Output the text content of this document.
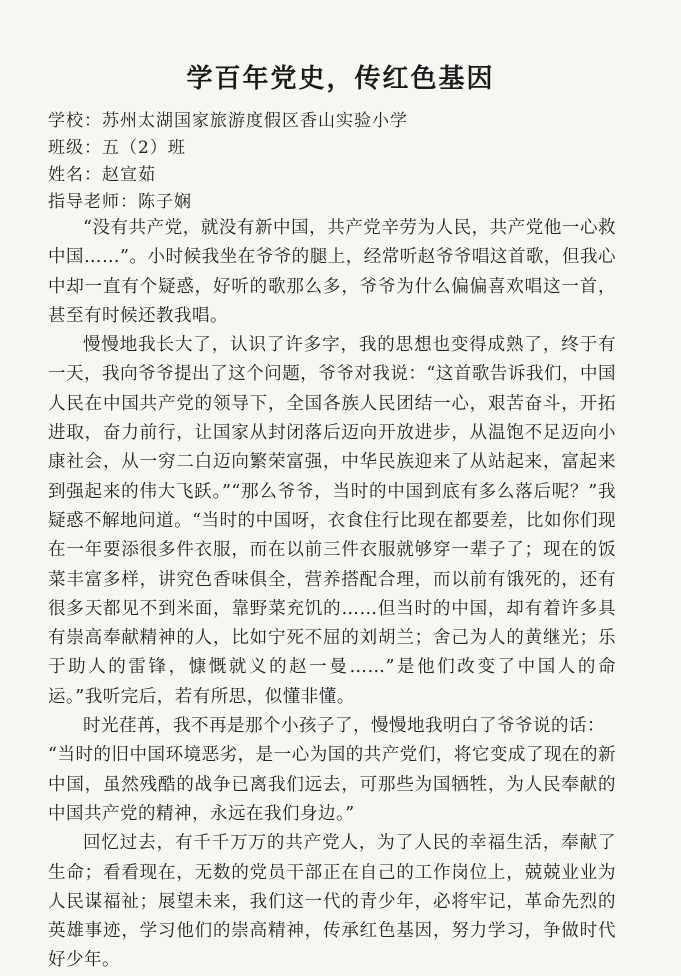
学百年党史，传红色基因
学校：苏州太湖国家旅游度假区香山实验小学
班级：五（2）班
姓名：赵宣茹
指导老师：陈子娴

“没有共产党，就没有新中国，共产党辛劳为人民，共产党他一心救中国……”。小时候我坐在爷爷的腿上，经常听赵爷爷唱这首歌，但我心中却一直有个疑惑，好听的歌那么多，爷爷为什么偏偏喜欢唱这一首，甚至有时候还教我唱。

慢慢地我长大了，认识了许多字，我的思想也变得成熟了，终于有一天，我向爷爷提出了这个问题，爷爷对我说：“这首歌告诉我们，中国人民在中国共产党的领导下，全国各族人民团结一心，艰苦奋斗，开拓进取，奋力前行，让国家从封闭落后迈向开放进步，从温饱不足迈向小康社会，从一穷二白迈向繁荣富强，中华民族迎来了从站起来，富起来到强起来的伟大飞跃。”“那么爷爷，当时的中国到底有多么落后呢？”我疑惑不解地问道。“当时的中国呀，衣食住行比现在都要差，比如你们现在一年要添很多件衣服，而在以前三件衣服就够穿一辈子了；现在的饭菜丰富多样，讲究色香味俱全，营养搭配合理，而以前有饿死的，还有很多天都见不到米面，靠野菜充饥的……但当时的中国，却有着许多具有崇高奉献精神的人，比如宁死不屈的刘胡兰；舍己为人的黄继光；乐于助人的雷锋，慷慨就义的赵一曼……”是他们改变了中国人的命运。”我听完后，若有所思，似懂非懂。

时光荏苒，我不再是那个小孩子了，慢慢地我明白了爷爷说的话：

“当时的旧中国环境恶劣，是一心为国的共产党们，将它变成了现在的新中国，虽然残酷的战争已离我们远去，可那些为国牺牲，为人民奉献的中国共产党的精神，永远在我们身边。”

回忆过去，有千千万万的共产党人，为了人民的幸福生活，奉献了生命；看看现在，无数的党员干部正在自己的工作岗位上，兢兢业业为人民谋福祉；展望未来，我们这一代的青少年，必将牢记，革命先烈的英雄事迹，学习他们的崇高精神，传承红色基因，努力学习，争做时代好少年。
